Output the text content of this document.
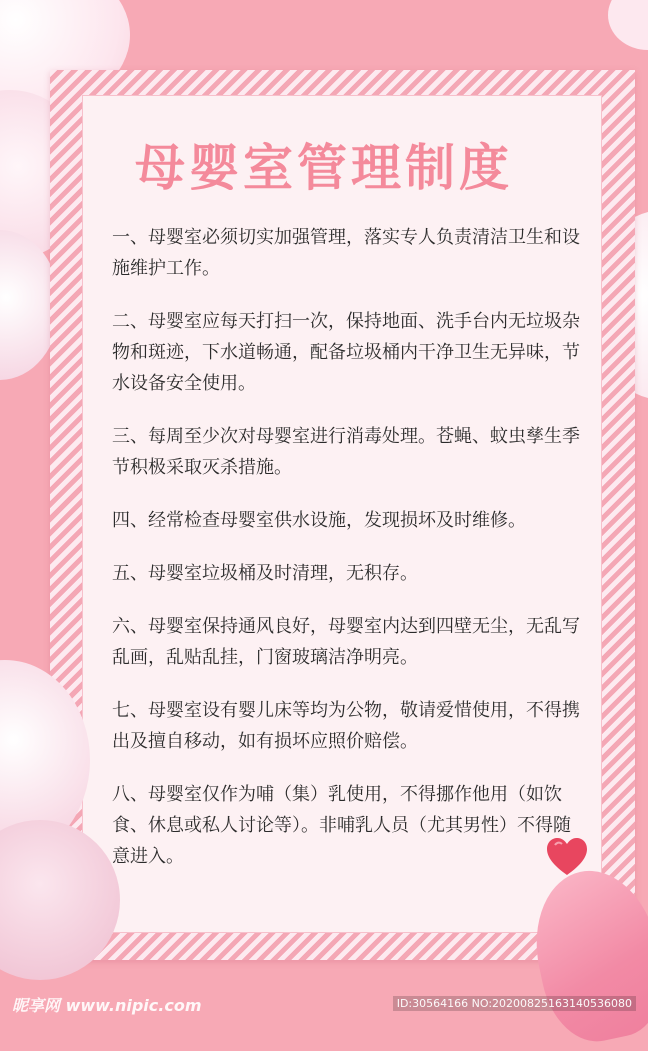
母婴室管理制度
一、母婴室必须切实加强管理，落实专人负责清洁卫生和设施维护工作。
二、母婴室应每天打扫一次，保持地面、洗手台内无垃圾杂物和斑迹，下水道畅通，配备垃圾桶内干净卫生无异味，节水设备安全使用。
三、每周至少次对母婴室进行消毒处理。苍蝇、蚊虫孳生季节积极采取灭杀措施。
四、经常检查母婴室供水设施，发现损坏及时维修。
五、母婴室垃圾桶及时清理，无积存。
六、母婴室保持通风良好，母婴室内达到四壁无尘，无乱写乱画，乱贴乱挂，门窗玻璃洁净明亮。
七、母婴室设有婴儿床等均为公物，敬请爱惜使用，不得携出及擅自移动，如有损坏应照价赔偿。
八、母婴室仅作为哺（集）乳使用，不得挪作他用（如饮食、休息或私人讨论等）。非哺乳人员（尤其男性）不得随意进入。
昵享网 www.nipic.com	ID:30564166 NO:20200825163140536080
